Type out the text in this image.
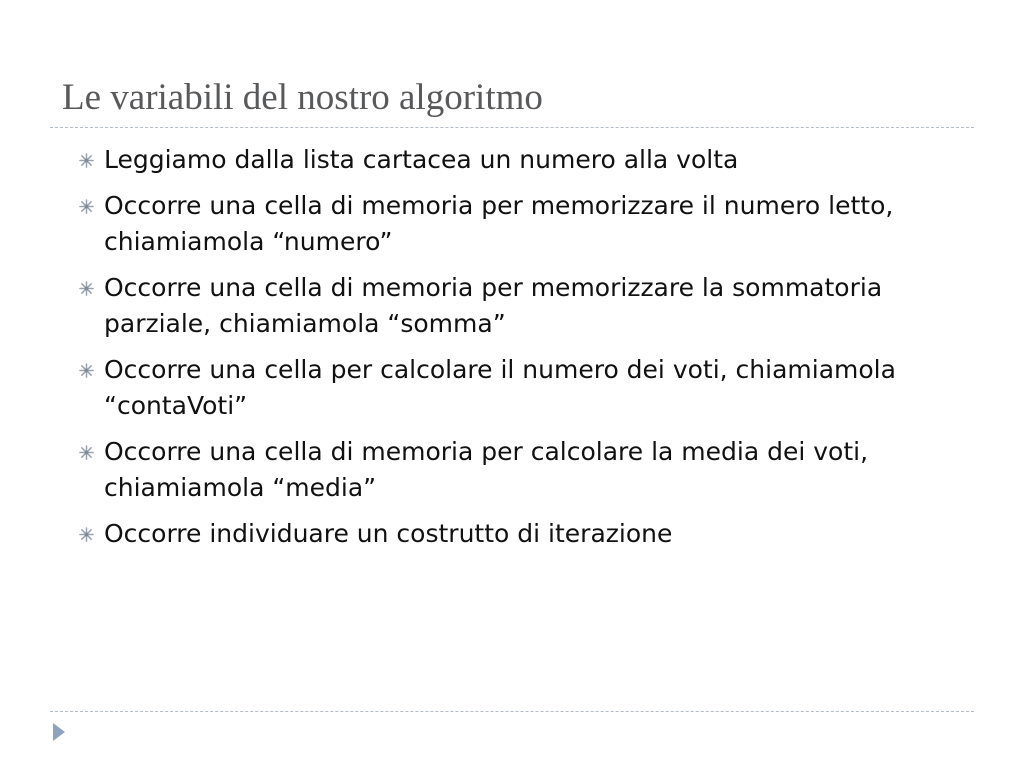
Le variabili del nostro algoritmo
Leggiamo dalla lista cartacea un numero alla volta
Occorre una cella di memoria per memorizzare il numero letto, chiamiamola “numero”
Occorre una cella di memoria per memorizzare la sommatoria parziale, chiamiamola “somma”
Occorre una cella per calcolare il numero dei voti, chiamiamola “contaVoti”
Occorre una cella di memoria per calcolare la media dei voti, chiamiamola “media”
Occorre individuare un costrutto di iterazione
